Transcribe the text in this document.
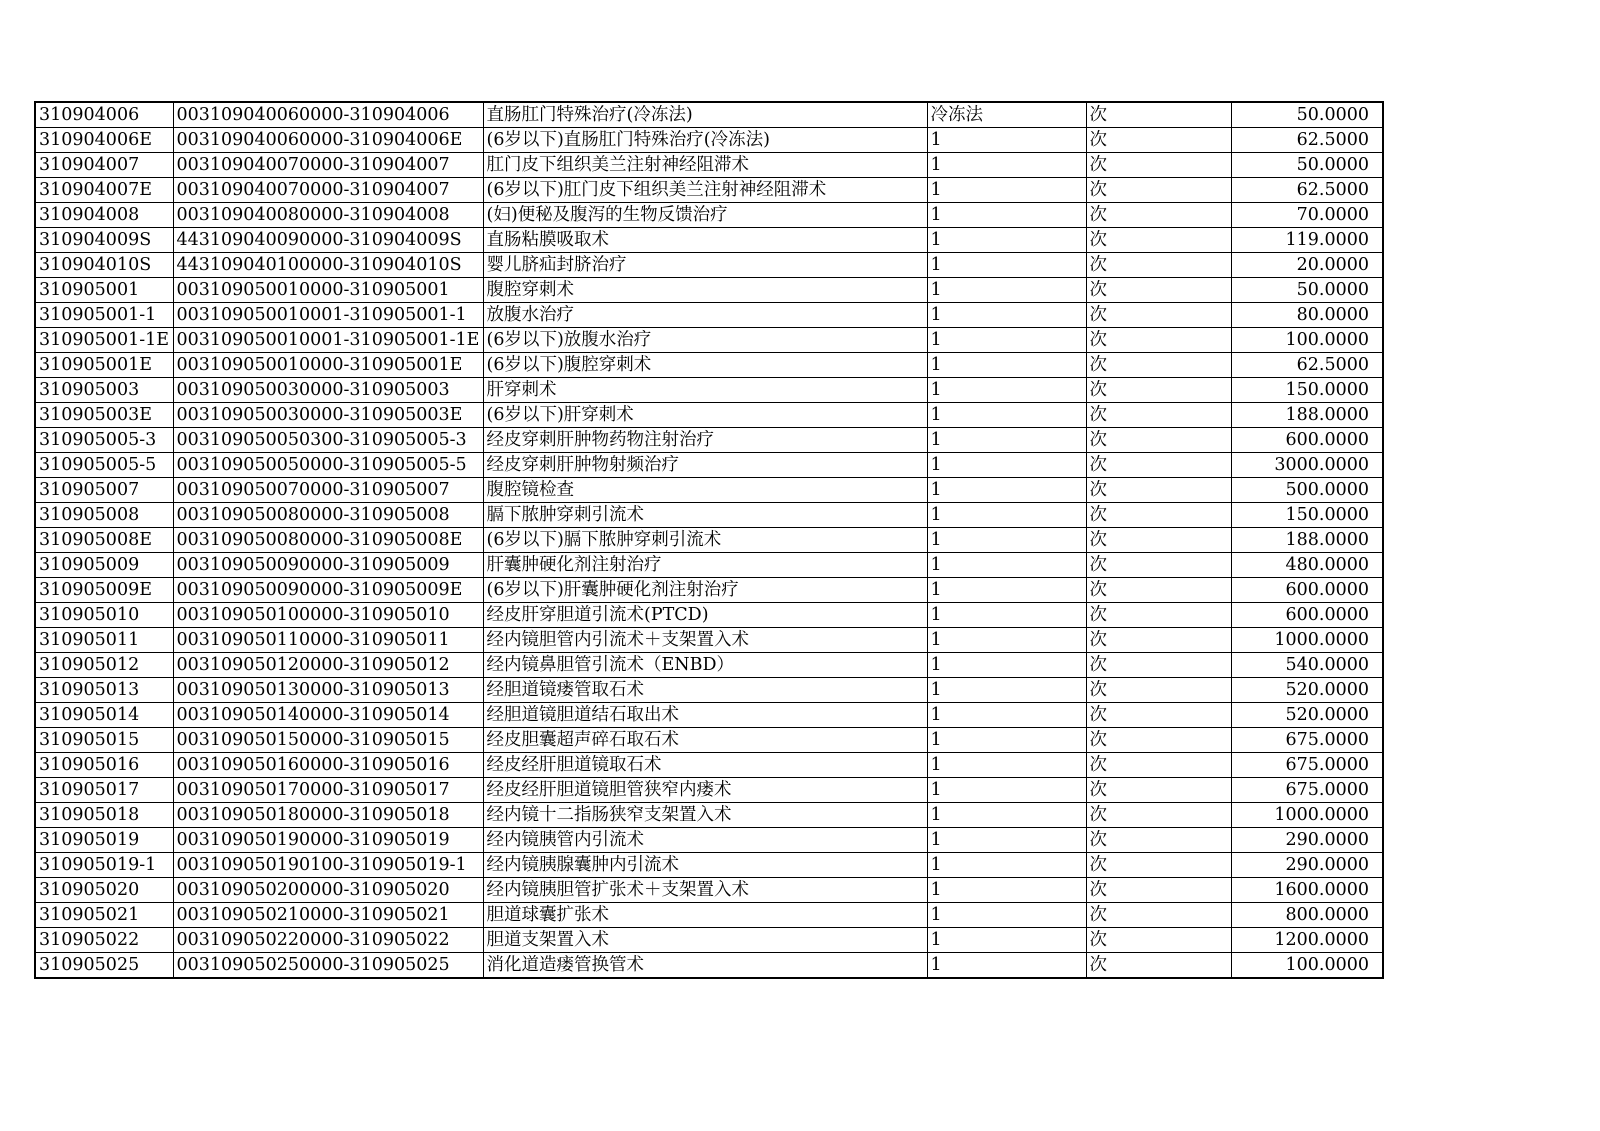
310904006	003109040060000-310904006	直肠肛门特殊治疗(冷冻法)	冷冻法	次	50.0000
310904006E	003109040060000-310904006E	(6岁以下)直肠肛门特殊治疗(冷冻法)	1	次	62.5000
310904007	003109040070000-310904007	肛门皮下组织美兰注射神经阻滞术	1	次	50.0000
310904007E	003109040070000-310904007	(6岁以下)肛门皮下组织美兰注射神经阻滞术	1	次	62.5000
310904008	003109040080000-310904008	(妇)便秘及腹泻的生物反馈治疗	1	次	70.0000
310904009S	443109040090000-310904009S	直肠粘膜吸取术	1	次	119.0000
310904010S	443109040100000-310904010S	婴儿脐疝封脐治疗	1	次	20.0000
310905001	003109050010000-310905001	腹腔穿刺术	1	次	50.0000
310905001-1	003109050010001-310905001-1	放腹水治疗	1	次	80.0000
310905001-1E	003109050010001-310905001-1E	(6岁以下)放腹水治疗	1	次	100.0000
310905001E	003109050010000-310905001E	(6岁以下)腹腔穿刺术	1	次	62.5000
310905003	003109050030000-310905003	肝穿刺术	1	次	150.0000
310905003E	003109050030000-310905003E	(6岁以下)肝穿刺术	1	次	188.0000
310905005-3	003109050050300-310905005-3	经皮穿刺肝肿物药物注射治疗	1	次	600.0000
310905005-5	003109050050000-310905005-5	经皮穿刺肝肿物射频治疗	1	次	3000.0000
310905007	003109050070000-310905007	腹腔镜检查	1	次	500.0000
310905008	003109050080000-310905008	膈下脓肿穿刺引流术	1	次	150.0000
310905008E	003109050080000-310905008E	(6岁以下)膈下脓肿穿刺引流术	1	次	188.0000
310905009	003109050090000-310905009	肝囊肿硬化剂注射治疗	1	次	480.0000
310905009E	003109050090000-310905009E	(6岁以下)肝囊肿硬化剂注射治疗	1	次	600.0000
310905010	003109050100000-310905010	经皮肝穿胆道引流术(PTCD)	1	次	600.0000
310905011	003109050110000-310905011	经内镜胆管内引流术＋支架置入术	1	次	1000.0000
310905012	003109050120000-310905012	经内镜鼻胆管引流术（ENBD）	1	次	540.0000
310905013	003109050130000-310905013	经胆道镜瘘管取石术	1	次	520.0000
310905014	003109050140000-310905014	经胆道镜胆道结石取出术	1	次	520.0000
310905015	003109050150000-310905015	经皮胆囊超声碎石取石术	1	次	675.0000
310905016	003109050160000-310905016	经皮经肝胆道镜取石术	1	次	675.0000
310905017	003109050170000-310905017	经皮经肝胆道镜胆管狭窄内瘘术	1	次	675.0000
310905018	003109050180000-310905018	经内镜十二指肠狭窄支架置入术	1	次	1000.0000
310905019	003109050190000-310905019	经内镜胰管内引流术	1	次	290.0000
310905019-1	003109050190100-310905019-1	经内镜胰腺囊肿内引流术	1	次	290.0000
310905020	003109050200000-310905020	经内镜胰胆管扩张术＋支架置入术	1	次	1600.0000
310905021	003109050210000-310905021	胆道球囊扩张术	1	次	800.0000
310905022	003109050220000-310905022	胆道支架置入术	1	次	1200.0000
310905025	003109050250000-310905025	消化道造瘘管换管术	1	次	100.0000
